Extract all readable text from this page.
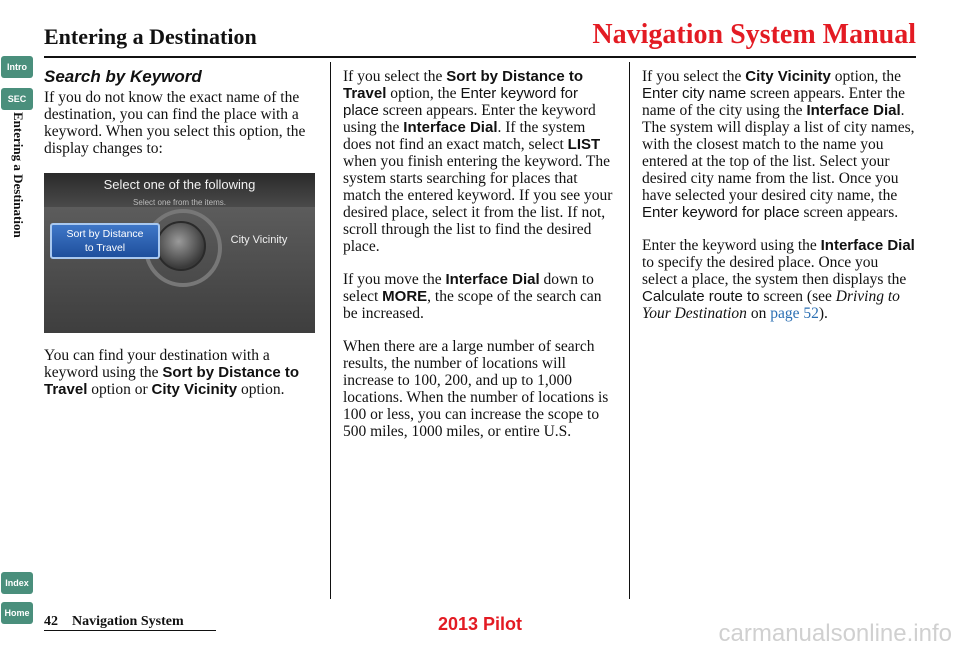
Entering a Destination	Navigation System Manual
Intro
SEC
Entering a Destination
Index
Home
Search by Keyword

If you do not know the exact name of the destination, you can find the place with a keyword. When you select this option, the display changes to:

Select one of the following
Select one from the items.
Sort by Distance
to Travel
City Vicinity

You can find your destination with a keyword using the Sort by Distance to Travel option or City Vicinity option.

If you select the Sort by Distance to Travel option, the Enter keyword for place screen appears. Enter the keyword using the Interface Dial. If the system does not find an exact match, select LIST when you finish entering the keyword. The system starts searching for places that match the entered keyword. If you see your desired place, select it from the list. If not, scroll through the list to find the desired place.

If you move the Interface Dial down to select MORE, the scope of the search can be increased.

When there are a large number of search results, the number of locations will increase to 100, 200, and up to 1,000 locations. When the number of locations is 100 or less, you can increase the scope to 500 miles, 1000 miles, or entire U.S.

If you select the City Vicinity option, the Enter city name screen appears. Enter the name of the city using the Interface Dial. The system will display a list of city names, with the closest match to the name you entered at the top of the list. Select your desired city name from the list. Once you have selected your desired city name, the Enter keyword for place screen appears.

Enter the keyword using the Interface Dial to specify the desired place. Once you select a place, the system then displays the Calculate route to screen (see Driving to Your Destination on page 52).

42 Navigation System	2013 Pilot	carmanualsonline.info
